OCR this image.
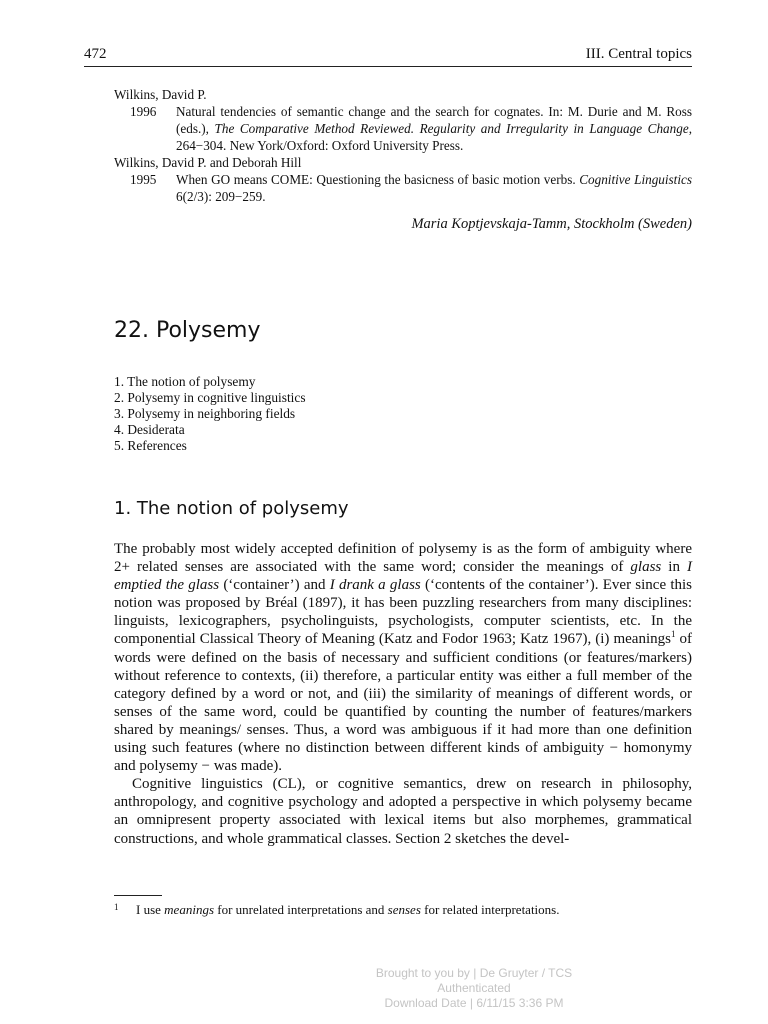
472	III. Central topics

Wilkins, David P.

1996 Natural tendencies of semantic change and the search for cognates. In: M. Durie and M. Ross (eds.), The Comparative Method Reviewed. Regularity and Irregularity in Language Change, 264−304. New York/Oxford: Oxford University Press.

Wilkins, David P. and Deborah Hill

1995 When GO means COME: Questioning the basicness of basic motion verbs. Cognitive Linguistics 6(2/3): 209−259.
Maria Koptjevskaja-Tamm, Stockholm (Sweden)
22. Polysemy
1. The notion of polysemy
2. Polysemy in cognitive linguistics
3. Polysemy in neighboring fields
4. Desiderata
5. References
1. The notion of polysemy

The probably most widely accepted definition of polysemy is as the form of ambiguity where 2+ related senses are associated with the same word; consider the meanings of glass in I emptied the glass (‘container’) and I drank a glass (‘contents of the container’). Ever since this notion was proposed by Bréal (1897), it has been puzzling researchers from many disciplines: linguists, lexicographers, psycholinguists, psychologists, computer scientists, etc. In the componential Classical Theory of Meaning (Katz and Fodor 1963; Katz 1967), (i) meanings$^1$ of words were defined on the basis of necessary and sufficient conditions (or features/markers) without reference to contexts, (ii) therefore, a particular entity was either a full member of the category defined by a word or not, and (iii) the similarity of meanings of different words, or senses of the same word, could be quantified by counting the number of features/markers shared by meanings/ senses. Thus, a word was ambiguous if it had more than one definition using such features (where no distinction between different kinds of ambiguity − homonymy and polysemy − was made).

Cognitive linguistics (CL), or cognitive semantics, drew on research in philosophy, anthropology, and cognitive psychology and adopted a perspective in which polysemy became an omnipresent property associated with lexical items but also morphemes, grammatical constructions, and whole grammatical classes. Section 2 sketches the devel-

1 I use meanings for unrelated interpretations and senses for related interpretations.
Brought to you by | De Gruyter / TCS
Authenticated
Download Date | 6/11/15 3:36 PM
